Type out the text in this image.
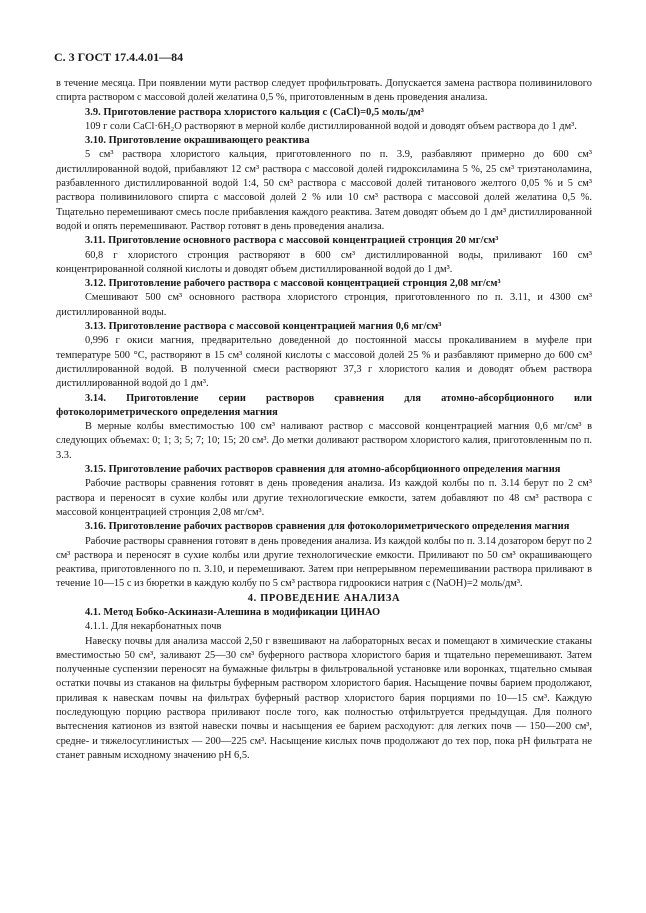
С. 3 ГОСТ 17.4.4.01—84

в течение месяца. При появлении мути раствор следует профильтровать. Допускается замена раствора поливинилового спирта раствором с массовой долей желатина 0,5 %, приготовленным в день проведения анализа.

3.9. Приготовление раствора хлористого кальция c (CaCl)=0,5 моль/дм³

109 г соли CaCl·6H₂O растворяют в мерной колбе дистиллированной водой и доводят объем раствора до 1 дм³.

3.10. Приготовление окрашивающего реактива

5 см³ раствора хлористого кальция, приготовленного по п. 3.9, разбавляют примерно до 600 см³ дистиллированной водой, прибавляют 12 см³ раствора с массовой долей гидроксиламина 5 %, 25 см³ триэтаноламина, разбавленного дистиллированной водой 1:4, 50 см³ раствора с массовой долей титанового желтого 0,05 % и 5 см³ раствора поливинилового спирта с массовой долей 2 % или 10 см³ раствора с массовой долей желатина 0,5 %. Тщательно перемешивают смесь после прибавления каждого реактива. Затем доводят объем до 1 дм³ дистиллированной водой и опять перемешивают. Раствор готовят в день проведения анализа.

3.11. Приготовление основного раствора с массовой концентрацией стронция 20 мг/см³

60,8 г хлористого стронция растворяют в 600 см³ дистиллированной воды, приливают 160 см³ концентрированной соляной кислоты и доводят объем дистиллированной водой до 1 дм³.

3.12. Приготовление рабочего раствора с массовой концентрацией стронция 2,08 мг/см³

Смешивают 500 см³ основного раствора хлористого стронция, приготовленного по п. 3.11, и 4300 см³ дистиллированной воды.

3.13. Приготовление раствора с массовой концентрацией магния 0,6 мг/см³

0,996 г окиси магния, предварительно доведенной до постоянной массы прокаливанием в муфеле при температуре 500 °С, растворяют в 15 см³ соляной кислоты с массовой долей 25 % и разбавляют примерно до 600 см³ дистиллированной водой. В полученной смеси растворяют 37,3 г хлористого калия и доводят объем раствора дистиллированной водой до 1 дм³.

3.14. Приготовление серии растворов сравнения для атомно-абсорбционного или фотоколориметрического определения магния

В мерные колбы вместимостью 100 см³ наливают раствор с массовой концентрацией магния 0,6 мг/см³ в следующих объемах: 0; 1; 3; 5; 7; 10; 15; 20 см³. До метки доливают раствором хлористого калия, приготовленным по п. 3.3.

3.15. Приготовление рабочих растворов сравнения для атомно-абсорбционного определения магния

Рабочие растворы сравнения готовят в день проведения анализа. Из каждой колбы по п. 3.14 берут по 2 см³ раствора и переносят в сухие колбы или другие технологические емкости, затем добавляют по 48 см³ раствора с массовой концентрацией стронция 2,08 мг/см³.

3.16. Приготовление рабочих растворов сравнения для фотоколориметрического определения магния

Рабочие растворы сравнения готовят в день проведения анализа. Из каждой колбы по п. 3.14 дозатором берут по 2 см³ раствора и переносят в сухие колбы или другие технологические емкости. Приливают по 50 см³ окрашивающего реактива, приготовленного по п. 3.10, и перемешивают. Затем при непрерывном перемешивании раствора приливают в течение 10—15 с из бюретки в каждую колбу по 5 см³ раствора гидроокиси натрия c (NaOH)=2 моль/дм³.

4. ПРОВЕДЕНИЕ АНАЛИЗА

4.1. Метод Бобко-Аскинази-Алешина в модификации ЦИНАО

4.1.1. Для некарбонатных почв

Навеску почвы для анализа массой 2,50 г взвешивают на лабораторных весах и помещают в химические стаканы вместимостью 50 см³, заливают 25—30 см³ буферного раствора хлористого бария и тщательно перемешивают. Затем полученные суспензии переносят на бумажные фильтры в фильтровальной установке или воронках, тщательно смывая остатки почвы из стаканов на фильтры буферным раствором хлористого бария. Насыщение почвы барием продолжают, приливая к навескам почвы на фильтрах буферный раствор хлористого бария порциями по 10—15 см³. Каждую последующую порцию раствора приливают после того, как полностью отфильтруется предыдущая. Для полного вытеснения катионов из взятой навески почвы и насыщения ее барием расходуют: для легких почв — 150—200 см³, средне- и тяжелосуглинистых — 200—225 см³. Насыщение кислых почв продолжают до тех пор, пока pH фильтрата не станет равным исходному значению pH 6,5.
